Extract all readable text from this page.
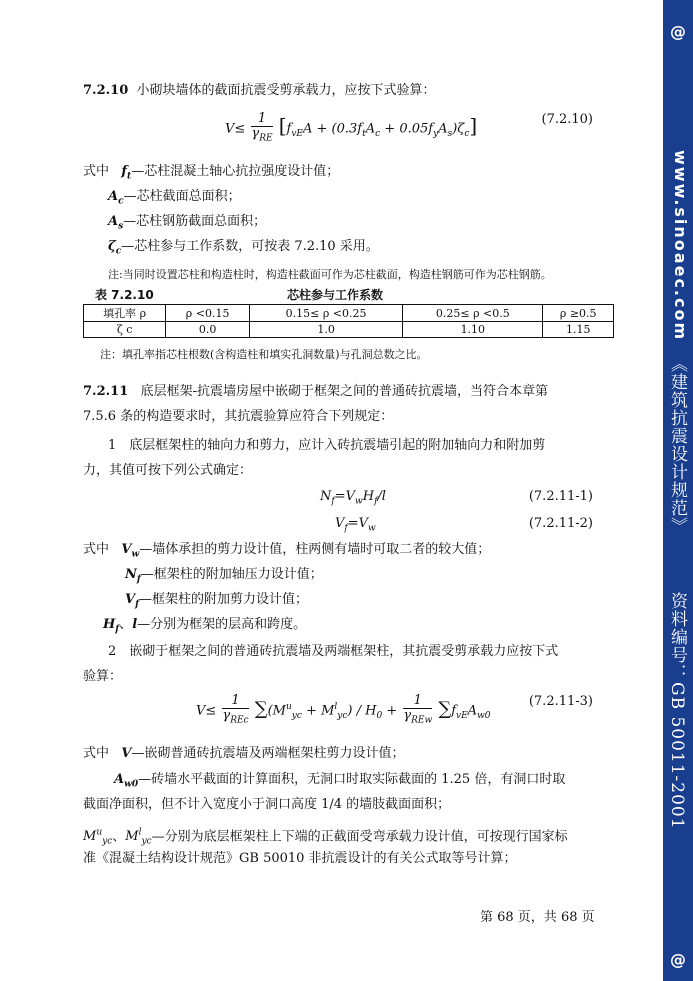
@
www.sinoaec.com
《建筑抗震设计规范》
资料编号：GB 50011-2001
@
7.2.10 小砌块墙体的截面抗震受剪承载力，应按下式验算：
$V\le \frac{1}{\gamma_{RE}} [f_{vE}A + (0.3f_tA_c + 0.05f_yA_s)\zeta_c]$	(7.2.10)
式中 $f_t—$芯柱混凝土轴心抗拉强度设计值；
$A_c—$芯柱截面总面积；
$A_s—$芯柱钢筋截面总面积；
$\zeta_c—$芯柱参与工作系数，可按表 7.2.10 采用。
注:当同时设置芯柱和构造柱时，构造柱截面可作为芯柱截面，构造柱钢筋可作为芯柱钢筋。
表 7.2.10	芯柱参与工作系数
填孔率 ρ	ρ <0.15	0.15≤ ρ <0.25	0.25≤ ρ <0.5	ρ ≥0.5
ζ c	0.0	1.0	1.10	1.15
注：填孔率指芯柱根数(含构造柱和填实孔洞数量)与孔洞总数之比。
7.2.11 底层框架-抗震墙房屋中嵌砌于框架之间的普通砖抗震墙，当符合本章第
7.5.6 条的构造要求时，其抗震验算应符合下列规定：
1　底层框架柱的轴向力和剪力，应计入砖抗震墙引起的附加轴向力和附加剪
力，其值可按下列公式确定：
$N_f=V_wH_f/l$	(7.2.11-1)
$V_f=V_w$	(7.2.11-2)
式中 $V_w—$墙体承担的剪力设计值，柱两侧有墙时可取二者的较大值；
$N_f—$框架柱的附加轴压力设计值；
$V_f—$框架柱的附加剪力设计值；
$H_f$、l—分别为框架的层高和跨度。
2　嵌砌于框架之间的普通砖抗震墙及两端框架柱，其抗震受剪承载力应按下式
验算：
$V\le \frac{1}{\gamma_{REc}} \sum(M^u_{yc} + M^l_{yc}) / H_0 + \frac{1}{\gamma_{REw}} \sum f_{vE}A_{w0}$
(7.2.11-3)
式中 V—嵌砌普通砖抗震墙及两端框架柱剪力设计值；
$A_{w0}—$砖墙水平截面的计算面积，无洞口时取实际截面的 1.25 倍，有洞口时取
截面净面积，但不计入宽度小于洞口高度 1/4 的墙肢截面面积；
$M^u_{yc}$、$M^l_{yc}—$分别为底层框架柱上下端的正截面受弯承载力设计值，可按现行国家标
准《混凝土结构设计规范》GB 50010 非抗震设计的有关公式取等号计算；
第 68 页，共 68 页
